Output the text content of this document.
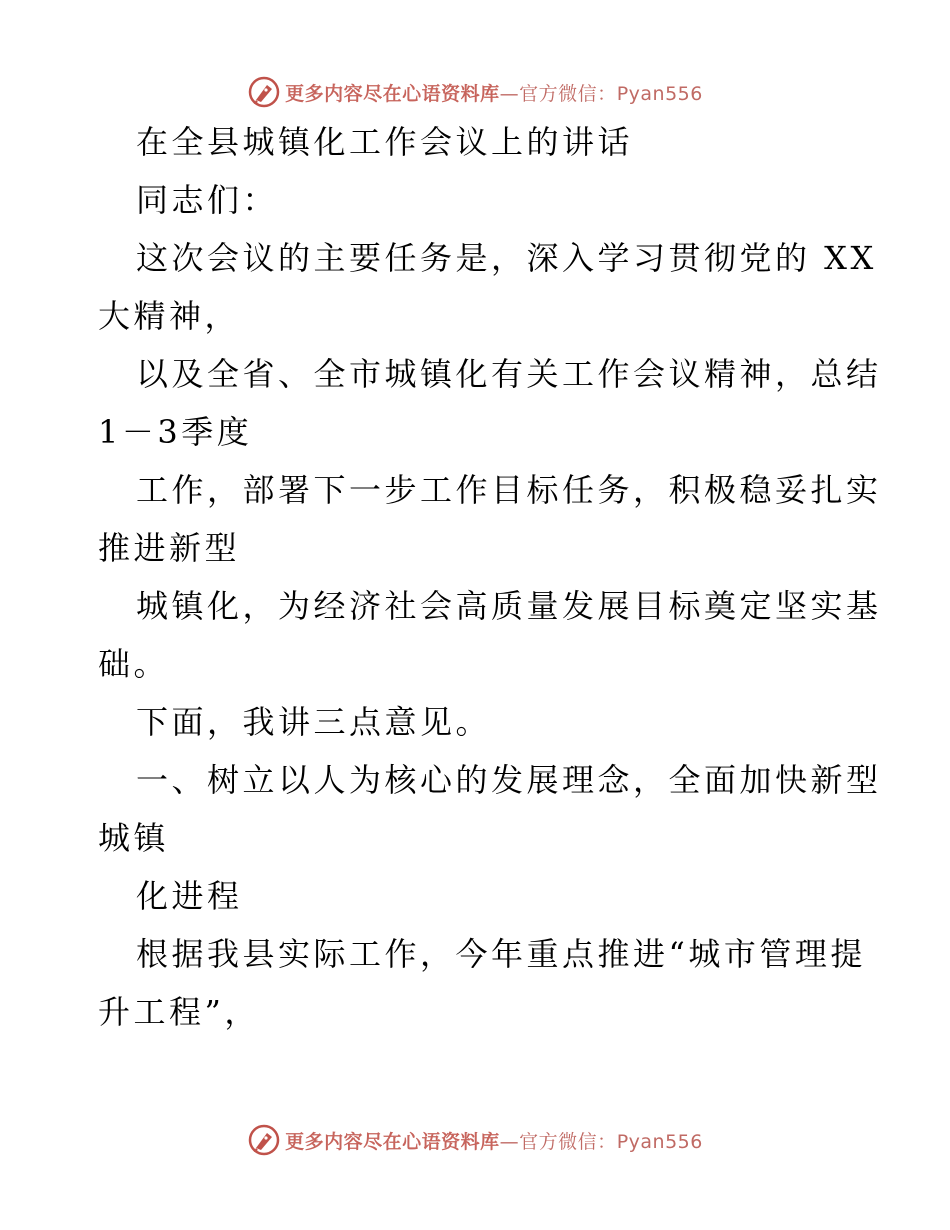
更多内容尽在心语资料库—官方微信：Pyan556
在全县城镇化工作会议上的讲话
同志们：
这次会议的主要任务是，深入学习贯彻党的 XX
大精神，
以及全省、全市城镇化有关工作会议精神，总结
1－3季度
工作，部署下一步工作目标任务，积极稳妥扎实
推进新型
城镇化，为经济社会高质量发展目标奠定坚实基
础。
下面，我讲三点意见。
一、树立以人为核心的发展理念，全面加快新型
城镇
化进程
根据我县实际工作，今年重点推进“城市管理提
升工程”，
更多内容尽在心语资料库—官方微信：Pyan556
